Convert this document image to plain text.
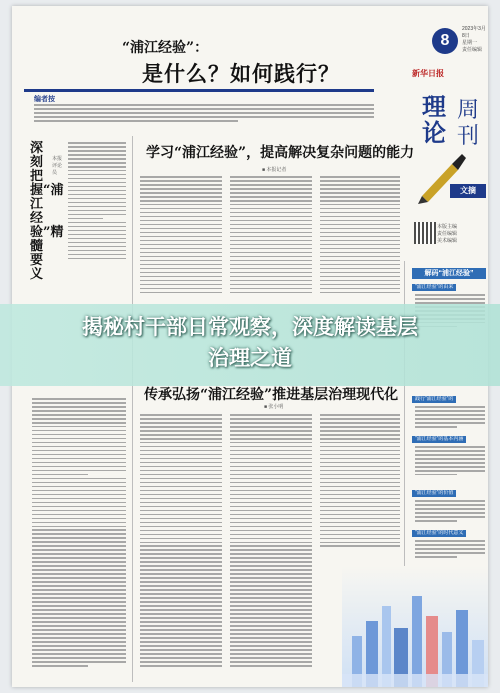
“浦江经验”：
是什么？如何践行？
8
2023年3月8日
星期一
责任编辑
新华日报
编者按	理论
周刊
文摘
本版主编
责任编辑
美术编辑
解码“浦江经验”
“浦江经验”的由来
践行“浦江经验”的
“浦江经验”的基本内涵
“浦江经验”的价值
“浦江经验”的时代意义
深刻把握“浦江经验”精髓要义
本报评论员
学习“浦江经验”，提高解决复杂问题的能力
■ 本报记者
传承弘扬“浦江经验”推进基层治理现代化
■ 张小明
揭秘村干部日常观察，深度解读基层
治理之道
